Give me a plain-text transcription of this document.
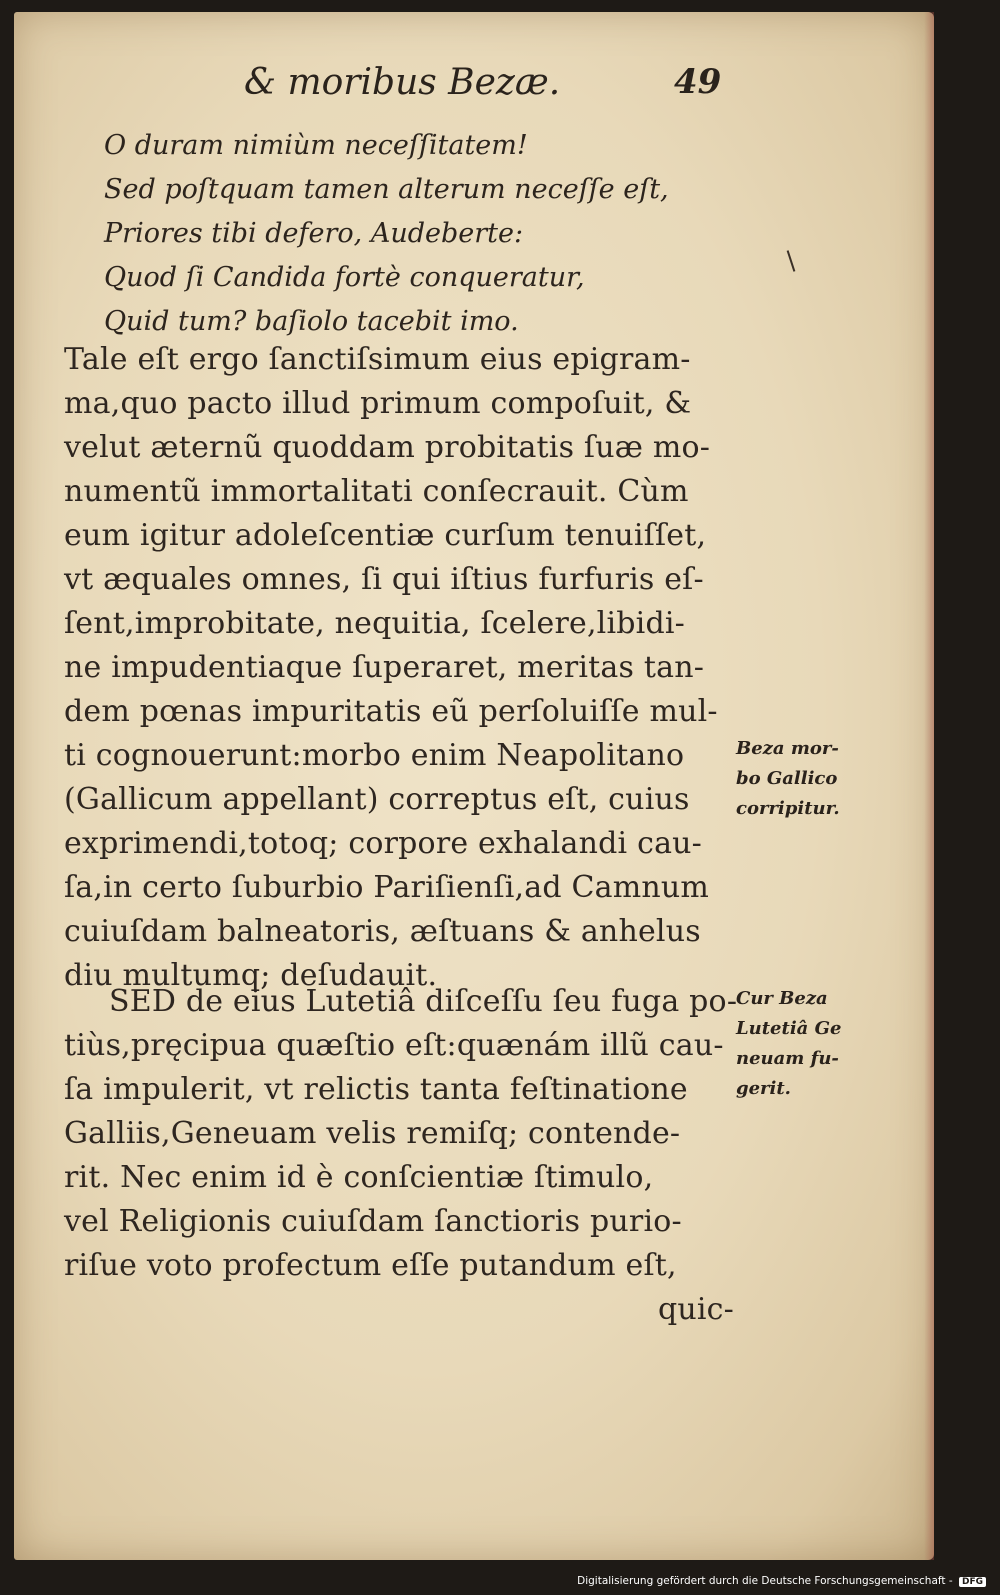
& moribus Bezæ.	49
O duram nimiùm neceſſitatem!
Sed poſtquam tamen alterum neceſſe eſt,
Priores tibi defero, Audeberte:
Quod ſi Candida fortè conqueratur,
Quid tum? baſiolo tacebit imo.
Tale eſt ergo ſanctiſsimum eius epigram-
ma,quo pacto illud primum compoſuit, &
velut æternũ quoddam probitatis ſuæ mo-
numentũ immortalitati conſecrauit. Cùm
eum igitur adoleſcentiæ curſum tenuiſſet,
vt æquales omnes, ſi qui iſtius furfuris eſ-
ſent,improbitate, nequitia, ſcelere,libidi-
ne impudentiaque ſuperaret, meritas tan-
dem pœnas impuritatis eũ perſoluiſſe mul-
ti cognouerunt:morbo enim Neapolitano
(Gallicum appellant) correptus eſt, cuius
exprimendi,totoq; corpore exhalandi cau-
ſa,in certo ſuburbio Pariſienſi,ad Camnum
cuiuſdam balneatoris, æſtuans & anhelus
diu multumq; deſudauit.
SED de eius Lutetiâ diſceſſu ſeu fuga po-
tiùs,pręcipua quæſtio eſt:quænám illũ cau-
ſa impulerit, vt relictis tanta feſtinatione
Galliis,Geneuam velis remiſq; contende-
rit. Nec enim id è conſcientiæ ſtimulo,
vel Religionis cuiuſdam ſanctioris purio-
riſue voto profectum eſſe putandum eſt,
quic-
Beza mor-
bo Gallico
corripitur.
Cur Beza
Lutetiâ Ge
neuam fu-
gerit.
Digitalisierung gefördert durch die Deutsche Forschungsgemeinschaft - DFG
